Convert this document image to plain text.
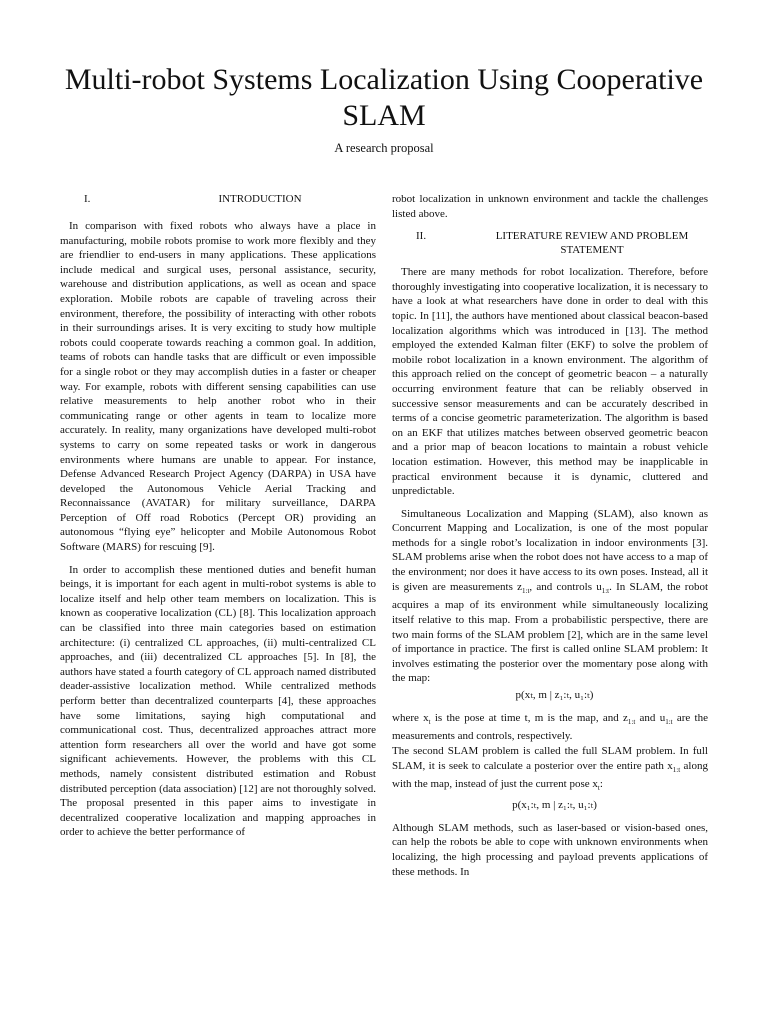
Multi-robot Systems Localization Using Cooperative SLAM

A research proposal

I.	INTRODUCTION

In comparison with fixed robots who always have a place in manufacturing, mobile robots promise to work more flexibly and they are friendlier to end-users in many applications. These applications include medical and surgical uses, personal assistance, security, warehouse and distribution applications, as well as ocean and space exploration. Mobile robots are capable of traveling across their environment, therefore, the possibility of interacting with other robots in their surroundings arises. It is very exciting to study how multiple robots could cooperate towards reaching a common goal. In addition, teams of robots can handle tasks that are difficult or even impossible for a single robot or they may accomplish duties in a faster or cheaper way. For example, robots with different sensing capabilities can use relative measurements to help another robot who in their communicating range or other agents in team to localize more accurately. In reality, many organizations have developed multi-robot systems to carry on some repeated tasks or work in dangerous environments where humans are unable to appear. For instance, Defense Advanced Research Project Agency (DARPA) in USA have developed the Autonomous Vehicle Aerial Tracking and Reconnaissance (AVATAR) for military surveillance, DARPA Perception of Off road Robotics (Percept OR) providing an autonomous “flying eye” helicopter and Mobile Autonomous Robot Software (MARS) for rescuing [9].

In order to accomplish these mentioned duties and benefit human beings, it is important for each agent in multi-robot systems is able to localize itself and help other team members on localization. This is known as cooperative localization (CL) [8]. This localization approach can be classified into three main categories based on estimation architecture: (i) centralized CL approaches, (ii) multi-centralized CL approaches, and (iii) decentralized CL approaches [5]. In [8], the authors have stated a fourth category of CL approach named distributed deader-assistive localization method. While centralized methods perform better than decentralized counterparts [4], these approaches have some limitations, saying high computational and communicational cost. Thus, decentralized approaches attract more attention form researchers all over the world and have got some significant achievements. However, the problems with this CL methods, namely consistent distributed estimation and Robust distributed perception (data association) [12] are not thoroughly solved. The proposal presented in this paper aims to investigate in decentralized cooperative localization and mapping approaches in order to achieve the better performance of

robot localization in unknown environment and tackle the challenges listed above.

II.	LITERATURE REVIEW AND PROBLEM STATEMENT

There are many methods for robot localization. Therefore, before thoroughly investigating into cooperative localization, it is necessary to have a look at what researchers have done in order to deal with this topic. In [11], the authors have mentioned about classical beacon-based localization algorithms which was introduced in [13]. The method employed the extended Kalman filter (EKF) to solve the problem of mobile robot localization in a known environment. The algorithm of this approach relied on the concept of geometric beacon – a naturally occurring environment feature that can be reliably observed in successive sensor measurements and can be accurately described in terms of a concise geometric parameterization. The algorithm is based on an EKF that utilizes matches between observed geometric beacon and a prior map of beacon locations to maintain a robust vehicle location estimation. However, this method may be inapplicable in practical environment because it is dynamic, cluttered and unpredictable.

Simultaneous Localization and Mapping (SLAM), also known as Concurrent Mapping and Localization, is one of the most popular methods for a single robot’s localization in indoor environments [3]. SLAM problems arise when the robot does not have access to a map of the environment; nor does it have access to its own poses. Instead, all it is given are measurements $z_{1:t}$, and controls $u_{1:t}$. In SLAM, the robot acquires a map of its environment while simultaneously localizing itself relative to this map. From a probabilistic perspective, there are two main forms of the SLAM problem [2], which are in the same level of importance in practice. The first is called online SLAM problem: It involves estimating the posterior over the momentary pose along with the map:

p(xₜ, m | z₁:ₜ, u₁:ₜ)

where $x_t$ is the pose at time t, m is the map, and $z_{1:t}$ and $u_{1:t}$ are the measurements and controls, respectively.

The second SLAM problem is called the full SLAM problem. In full SLAM, it is seek to calculate a posterior over the entire path $x_{1:t}$ along with the map, instead of just the current pose $x_t$:

p(x₁:ₜ, m | z₁:ₜ, u₁:ₜ)

Although SLAM methods, such as laser-based or vision-based ones, can help the robots be able to cope with unknown environments when localizing, the high processing and payload prevents applications of these methods. In
